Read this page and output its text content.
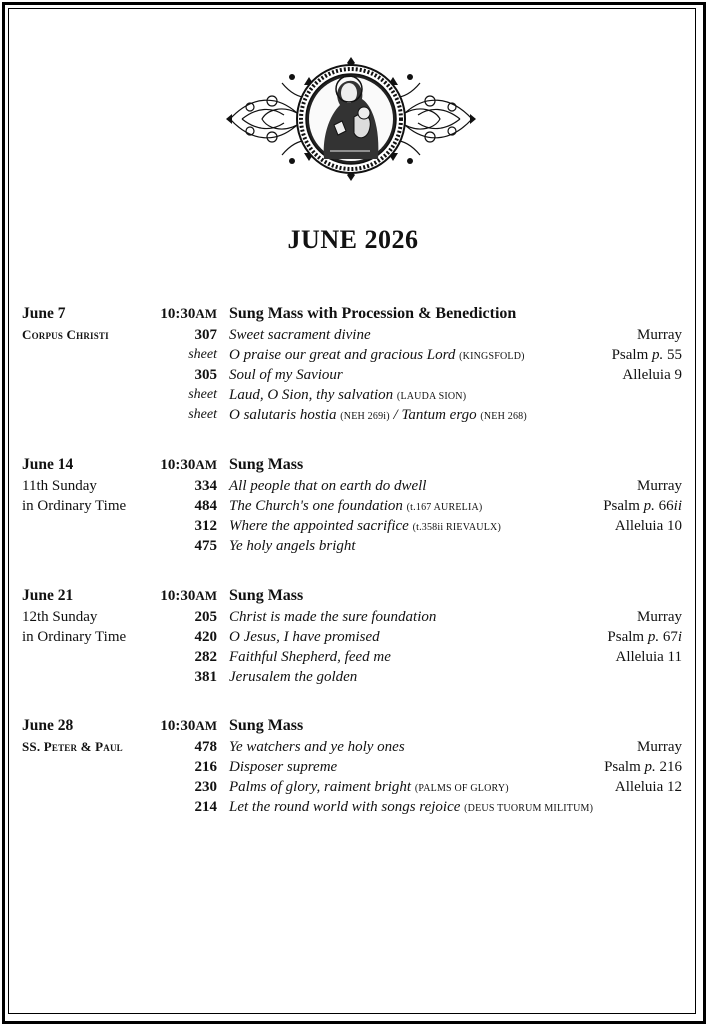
JUNE 2026
June 7	10:30AM Sung Mass with Procession & Benediction
Corpus Christi	307 Sweet sacrament divine	Murray
sheet O praise our great and gracious Lord (KINGSFOLD)	Psalm p. 55
305 Soul of my Saviour	Alleluia 9
sheet Laud, O Sion, thy salvation (LAUDA SION)
sheet O salutaris hostia (NEH 269i) / Tantum ergo (NEH 268)
June 14	10:30AM Sung Mass
11th Sunday	334 All people that on earth do dwell	Murray
in Ordinary Time	484 The Church's one foundation (t.167 AURELIA)	Psalm p. 66ii
312 Where the appointed sacrifice (t.358ii RIEVAULX)	Alleluia 10
475 Ye holy angels bright
June 21	10:30AM Sung Mass
12th Sunday	205 Christ is made the sure foundation	Murray
in Ordinary Time	420 O Jesus, I have promised	Psalm p. 67i
282 Faithful Shepherd, feed me	Alleluia 11
381 Jerusalem the golden
June 28	10:30AM Sung Mass
SS. Peter & Paul	478 Ye watchers and ye holy ones	Murray
216 Disposer supreme	Psalm p. 216
230 Palms of glory, raiment bright (PALMS OF GLORY)	Alleluia 12
214 Let the round world with songs rejoice (DEUS TUORUM MILITUM)
